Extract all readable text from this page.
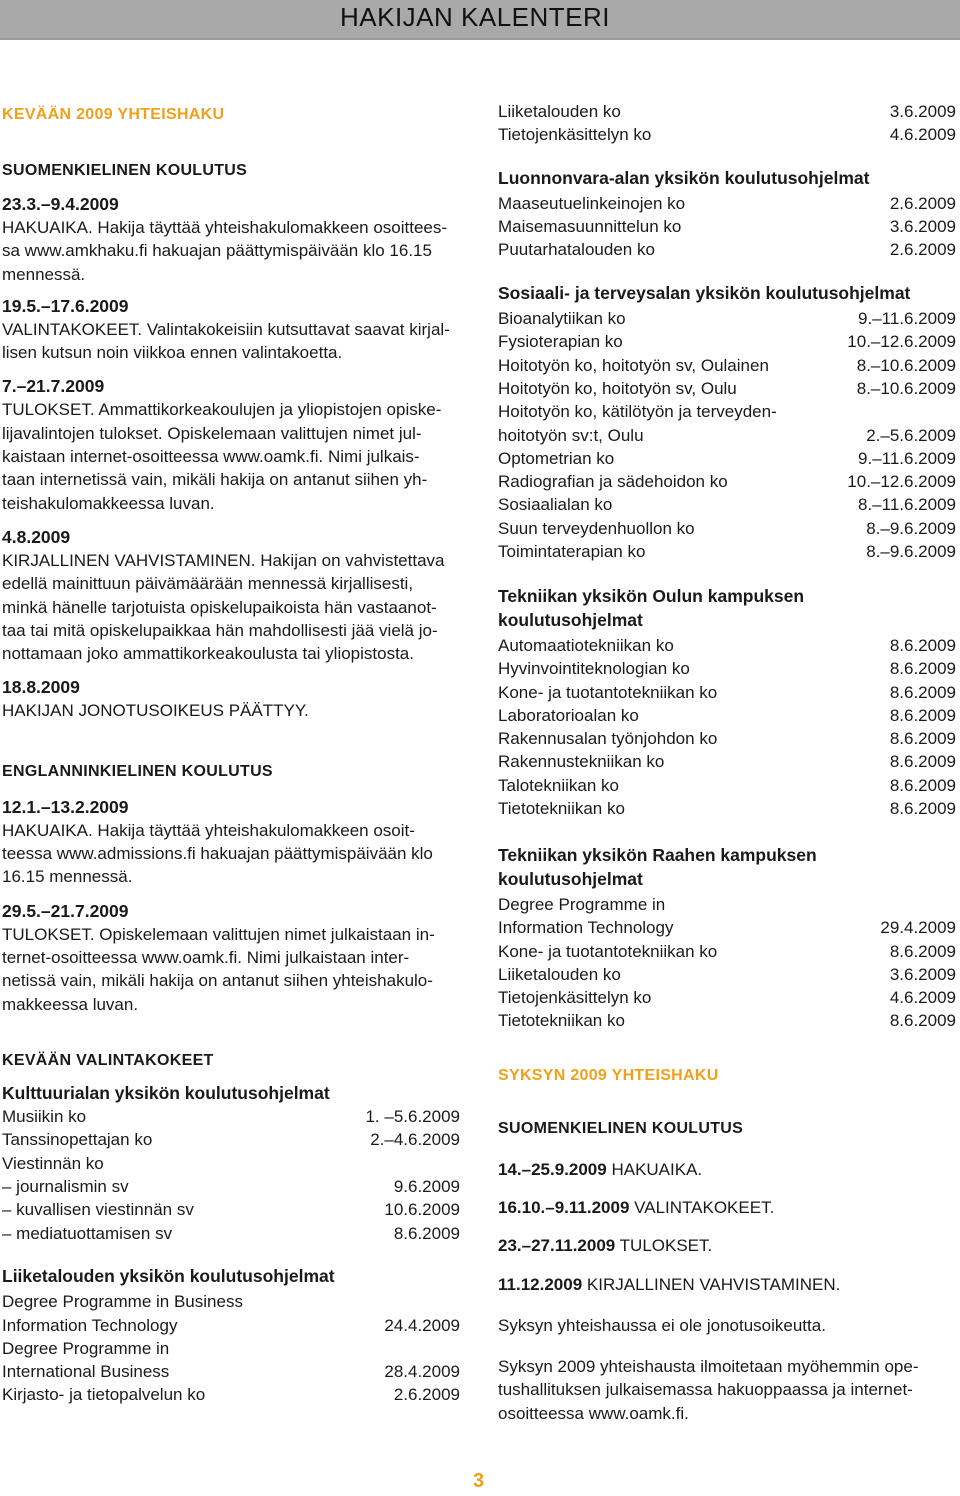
HAKIJAN KALENTERI

KEVÄÄN 2009 YHTEISHAKU

SUOMENKIELINEN KOULUTUS

23.3.–9.4.2009

HAKUAIKA. Hakija täyttää yhteishakulomakkeen osoittees-

sa www.amkhaku.fi hakuajan päättymispäivään klo 16.15

mennessä.

19.5.–17.6.2009

VALINTAKOKEET. Valintakokeisiin kutsuttavat saavat kirjal-

lisen kutsun noin viikkoa ennen valintakoetta.

7.–21.7.2009

TULOKSET. Ammattikorkeakoulujen ja yliopistojen opiske-

lijavalintojen tulokset. Opiskelemaan valittujen nimet jul-

kaistaan internet-osoitteessa www.oamk.fi. Nimi julkais-

taan internetissä vain, mikäli hakija on antanut siihen yh-

teishakulomakkeessa luvan.

4.8.2009

KIRJALLINEN VAHVISTAMINEN. Hakijan on vahvistettava

edellä mainittuun päivämäärään mennessä kirjallisesti,

minkä hänelle tarjotuista opiskelupaikoista hän vastaanot-

taa tai mitä opiskelupaikkaa hän mahdollisesti jää vielä jo-

nottamaan joko ammattikorkeakoulusta tai yliopistosta.

18.8.2009

HAKIJAN JONOTUSOIKEUS PÄÄTTYY.

ENGLANNINKIELINEN KOULUTUS

12.1.–13.2.2009

HAKUAIKA. Hakija täyttää yhteishakulomakkeen osoit-

teessa www.admissions.fi hakuajan päättymispäivään klo

16.15 mennessä.

29.5.–21.7.2009

TULOKSET. Opiskelemaan valittujen nimet julkaistaan in-

ternet-osoitteessa www.oamk.fi. Nimi julkaistaan inter-

netissä vain, mikäli hakija on antanut siihen yhteishakulo-

makkeessa luvan.

KEVÄÄN VALINTAKOKEET

Kulttuurialan yksikön koulutusohjelmat

Musiikin ko	1. –5.6.2009
Tanssinopettajan ko	2.–4.6.2009
Viestinnän ko
– journalismin sv	9.6.2009
– kuvallisen viestinnän sv	10.6.2009
– mediatuottamisen sv	8.6.2009

Liiketalouden yksikön koulutusohjelmat

Degree Programme in Business
Information Technology	24.4.2009
Degree Programme in
International Business	28.4.2009
Kirjasto- ja tietopalvelun ko	2.6.2009
Liiketalouden ko	3.6.2009
Tietojenkäsittelyn ko	4.6.2009

Luonnonvara-alan yksikön koulutusohjelmat

Maaseutuelinkeinojen ko	2.6.2009
Maisemasuunnittelun ko	3.6.2009
Puutarhatalouden ko	2.6.2009

Sosiaali- ja terveysalan yksikön koulutusohjelmat

Bioanalytiikan ko	9.–11.6.2009
Fysioterapian ko	10.–12.6.2009
Hoitotyön ko, hoitotyön sv, Oulainen	8.–10.6.2009
Hoitotyön ko, hoitotyön sv, Oulu	8.–10.6.2009
Hoitotyön ko, kätilötyön ja terveyden-
hoitotyön sv:t, Oulu	2.–5.6.2009
Optometrian ko	9.–11.6.2009
Radiografian ja sädehoidon ko	10.–12.6.2009
Sosiaalialan ko	8.–11.6.2009
Suun terveydenhuollon ko	8.–9.6.2009
Toimintaterapian ko	8.–9.6.2009

Tekniikan yksikön Oulun kampuksen

koulutusohjelmat

Automaatiotekniikan ko	8.6.2009
Hyvinvointiteknologian ko	8.6.2009
Kone- ja tuotantotekniikan ko	8.6.2009
Laboratorioalan ko	8.6.2009
Rakennusalan työnjohdon ko	8.6.2009
Rakennustekniikan ko	8.6.2009
Talotekniikan ko	8.6.2009
Tietotekniikan ko	8.6.2009

Tekniikan yksikön Raahen kampuksen

koulutusohjelmat

Degree Programme in
Information Technology	29.4.2009
Kone- ja tuotantotekniikan ko	8.6.2009
Liiketalouden ko	3.6.2009
Tietojenkäsittelyn ko	4.6.2009
Tietotekniikan ko	8.6.2009

SYKSYN 2009 YHTEISHAKU

SUOMENKIELINEN KOULUTUS

14.–25.9.2009 HAKUAIKA.

16.10.–9.11.2009 VALINTAKOKEET.

23.–27.11.2009 TULOKSET.

11.12.2009 KIRJALLINEN VAHVISTAMINEN.

Syksyn yhteishaussa ei ole jonotusoikeutta.

Syksyn 2009 yhteishausta ilmoitetaan myöhemmin ope-

tushallituksen julkaisemassa hakuoppaassa ja internet-

osoitteessa www.oamk.fi.

3
